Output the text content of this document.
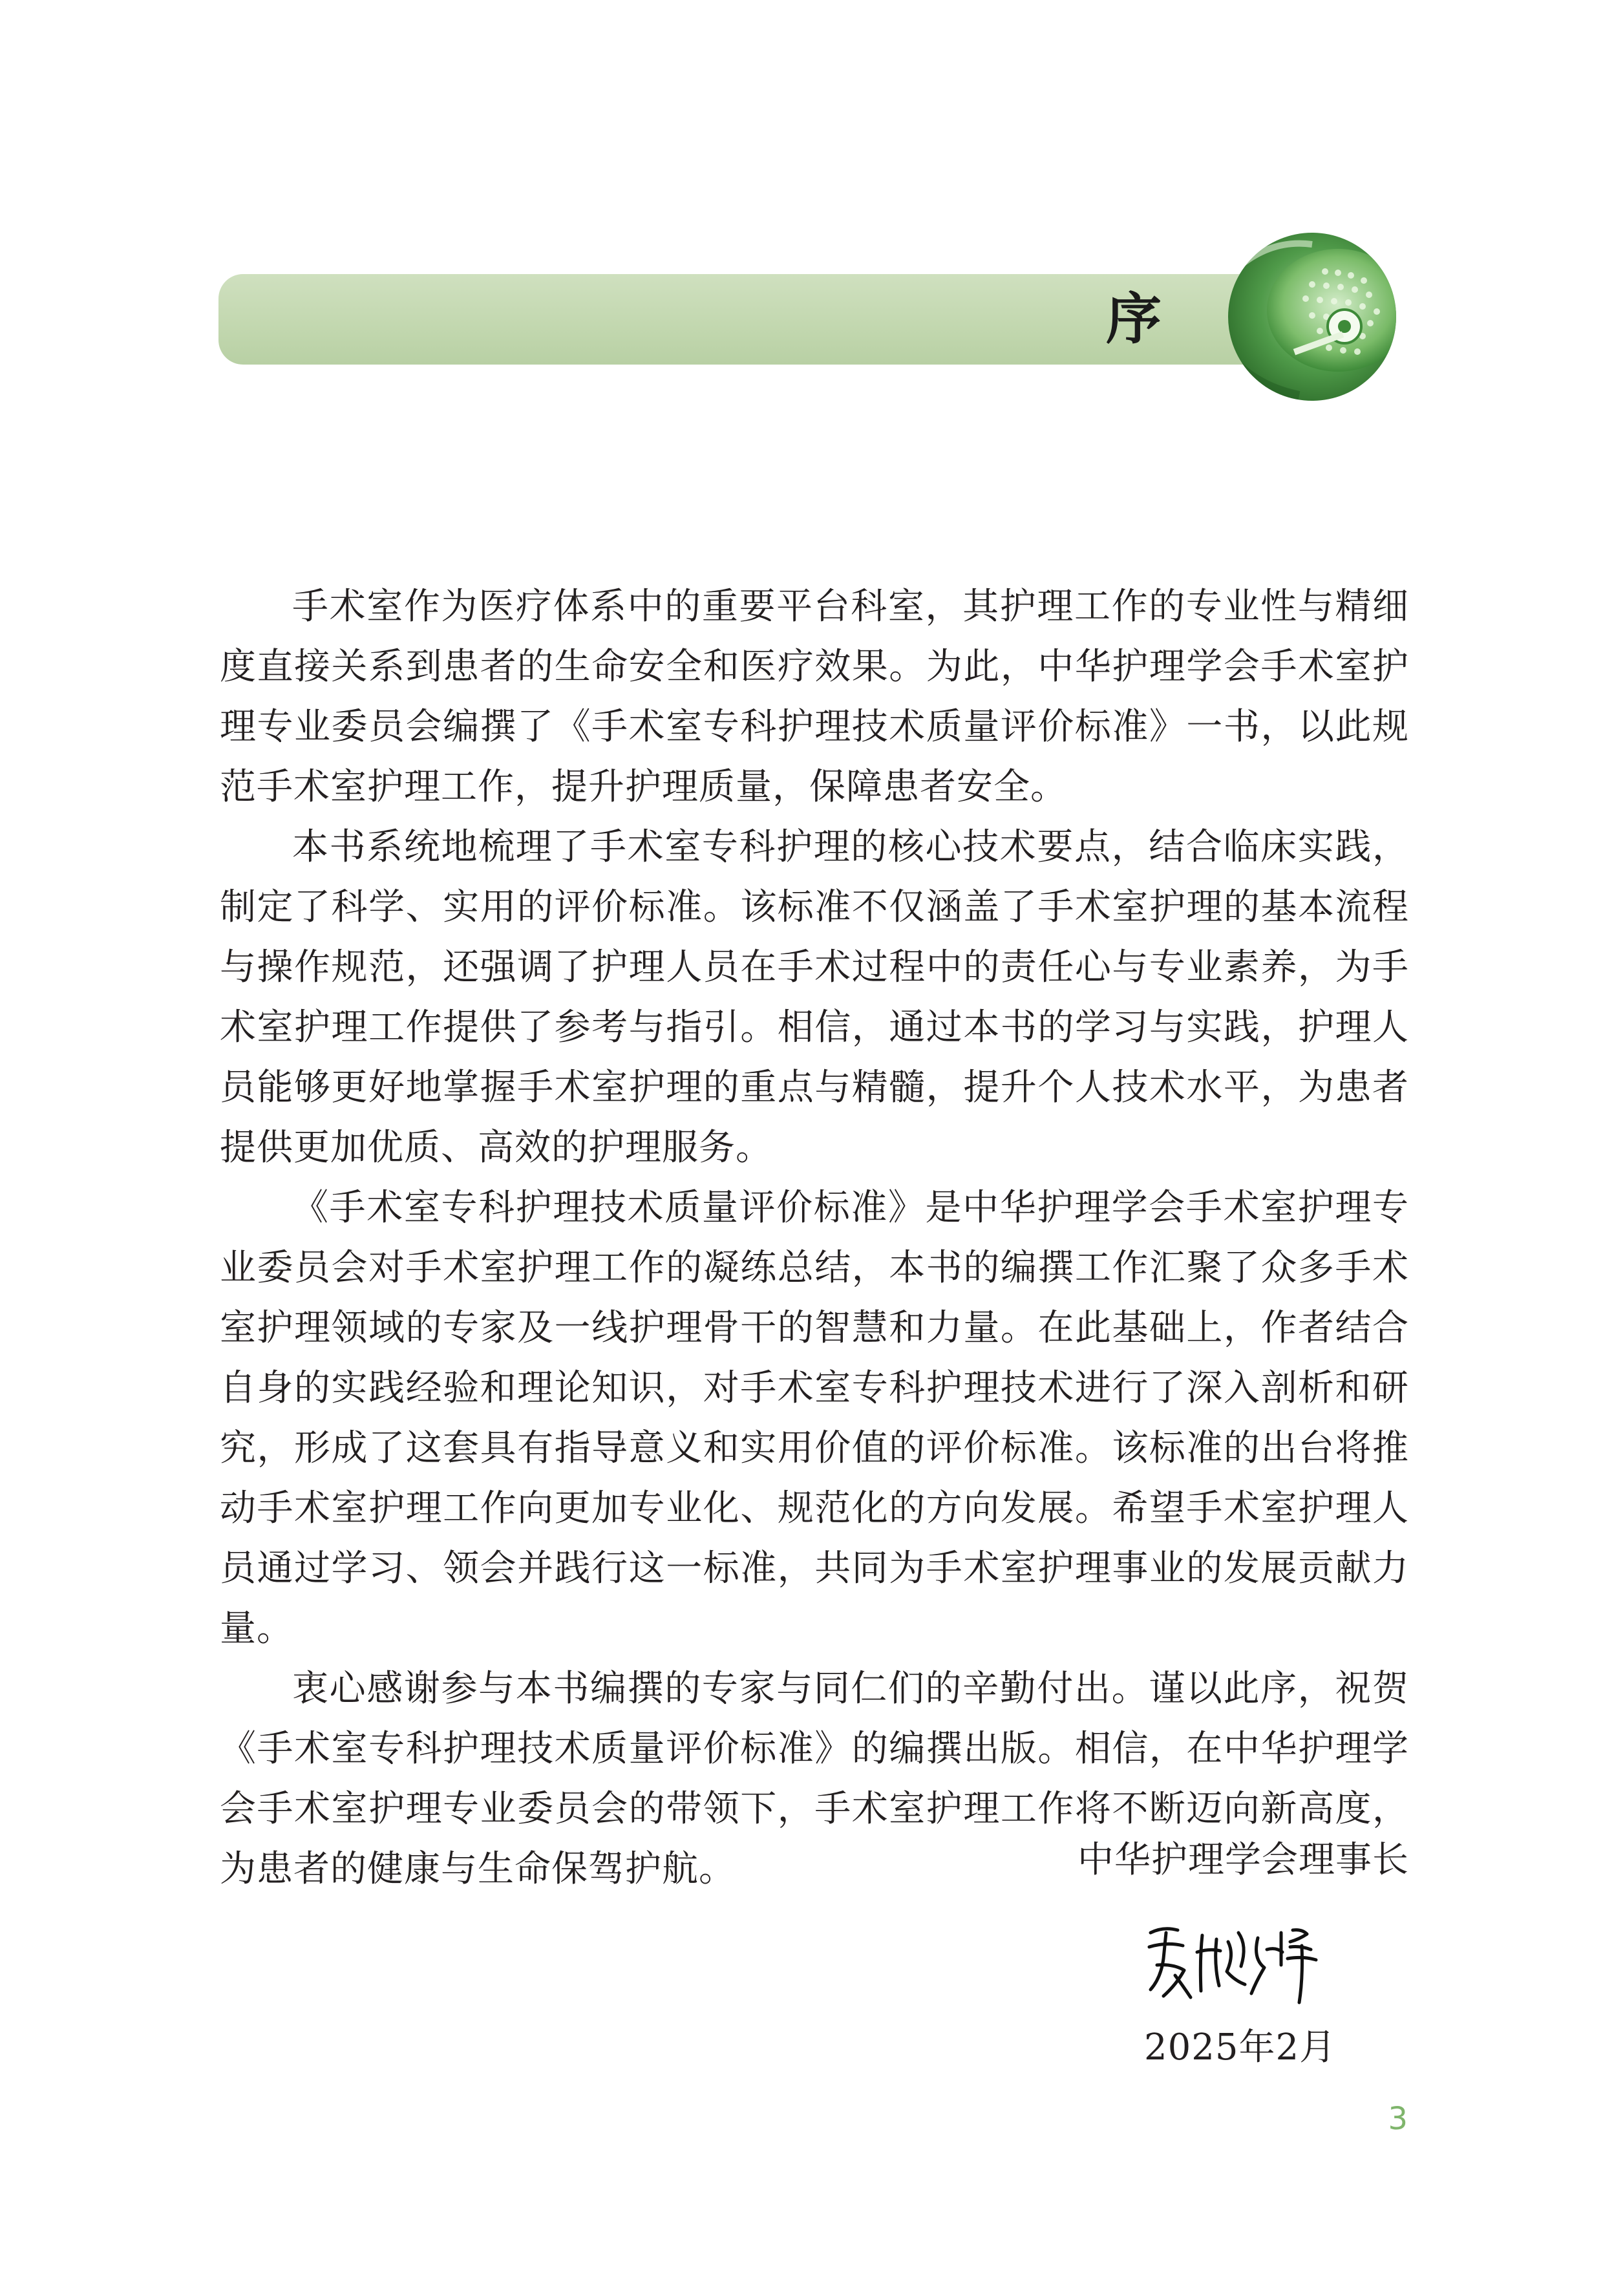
序

手术室作为医疗体系中的重要平台科室，其护理工作的专业性与精细度直接关系到患者的生命安全和医疗效果。为此，中华护理学会手术室护理专业委员会编撰了《手术室专科护理技术质量评价标准》一书，以此规范手术室护理工作，提升护理质量，保障患者安全。

本书系统地梳理了手术室专科护理的核心技术要点，结合临床实践，制定了科学、实用的评价标准。该标准不仅涵盖了手术室护理的基本流程与操作规范，还强调了护理人员在手术过程中的责任心与专业素养，为手术室护理工作提供了参考与指引。相信，通过本书的学习与实践，护理人员能够更好地掌握手术室护理的重点与精髓，提升个人技术水平，为患者提供更加优质、高效的护理服务。

《手术室专科护理技术质量评价标准》是中华护理学会手术室护理专业委员会对手术室护理工作的凝练总结，本书的编撰工作汇聚了众多手术室护理领域的专家及一线护理骨干的智慧和力量。在此基础上，作者结合自身的实践经验和理论知识，对手术室专科护理技术进行了深入剖析和研究，形成了这套具有指导意义和实用价值的评价标准。该标准的出台将推动手术室护理工作向更加专业化、规范化的方向发展。希望手术室护理人员通过学习、领会并践行这一标准，共同为手术室护理事业的发展贡献力量。

衷心感谢参与本书编撰的专家与同仁们的辛勤付出。谨以此序，祝贺《手术室专科护理技术质量评价标准》的编撰出版。相信，在中华护理学会手术室护理专业委员会的带领下，手术室护理工作将不断迈向新高度，为患者的健康与生命保驾护航。	中华护理学会理事长
2025年2月
3
